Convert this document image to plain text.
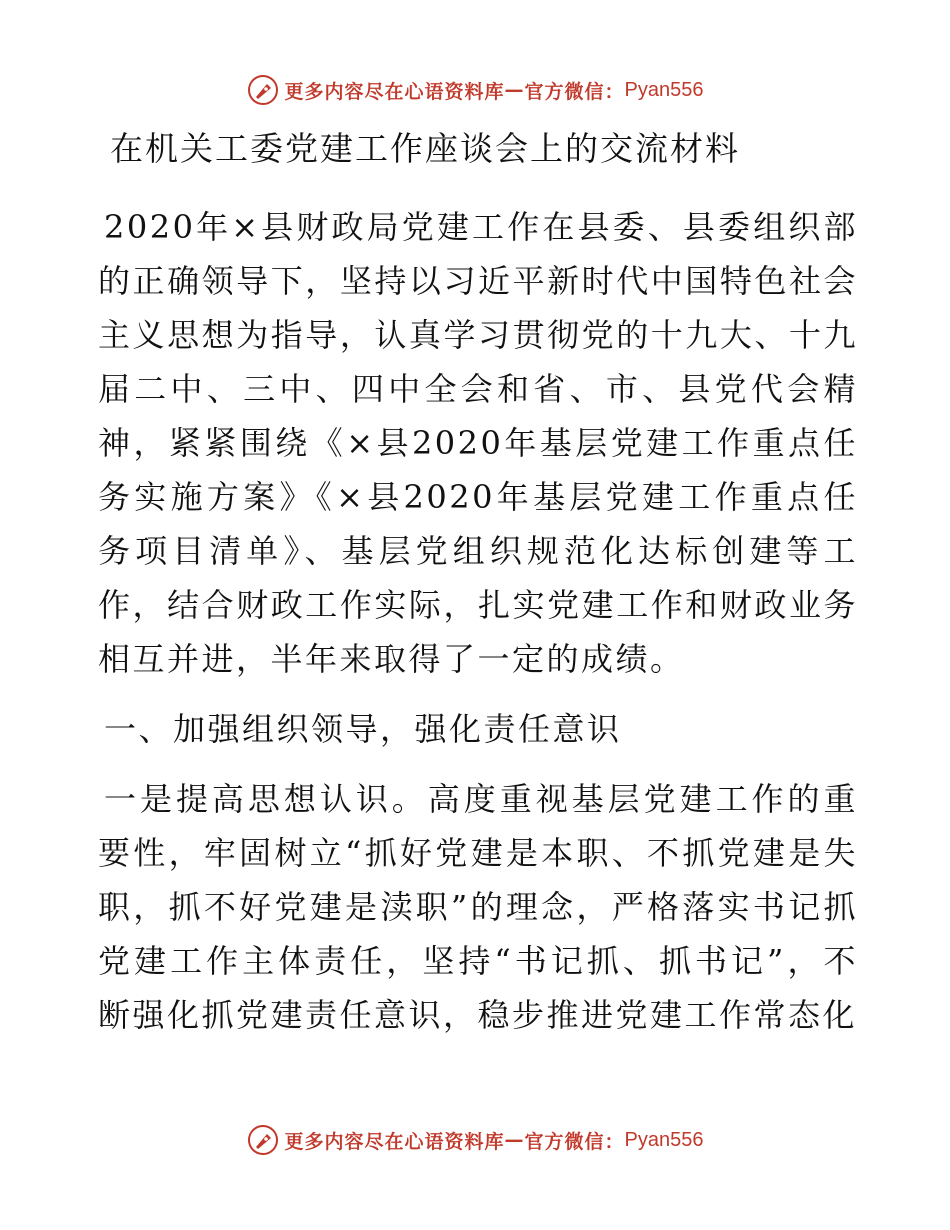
更多内容尽在心语资料库 — 官方微信： Pyan556
在机关工委党建工作座谈会上的交流材料

2020年×县财政局党建工作在县委、县委组织部的正确领导下，坚持以习近平新时代中国特色社会主义思想为指导，认真学习贯彻党的十九大、十九届二中、三中、四中全会和省、市、县党代会精神，紧紧围绕《×县2020年基层党建工作重点任务实施方案》《×县2020年基层党建工作重点任务项目清单》、基层党组织规范化达标创建等工作，结合财政工作实际，扎实党建工作和财政业务相互并进，半年来取得了一定的成绩。

一、加强组织领导，强化责任意识

一是提高思想认识。高度重视基层党建工作的重要性，牢固树立“抓好党建是本职、不抓党建是失职，抓不好党建是渎职”的理念，严格落实书记抓党建工作主体责任，坚持“书记抓、抓书记”，不断强化抓党建责任意识，稳步推进党建工作常态化

更多内容尽在心语资料库 — 官方微信： Pyan556
